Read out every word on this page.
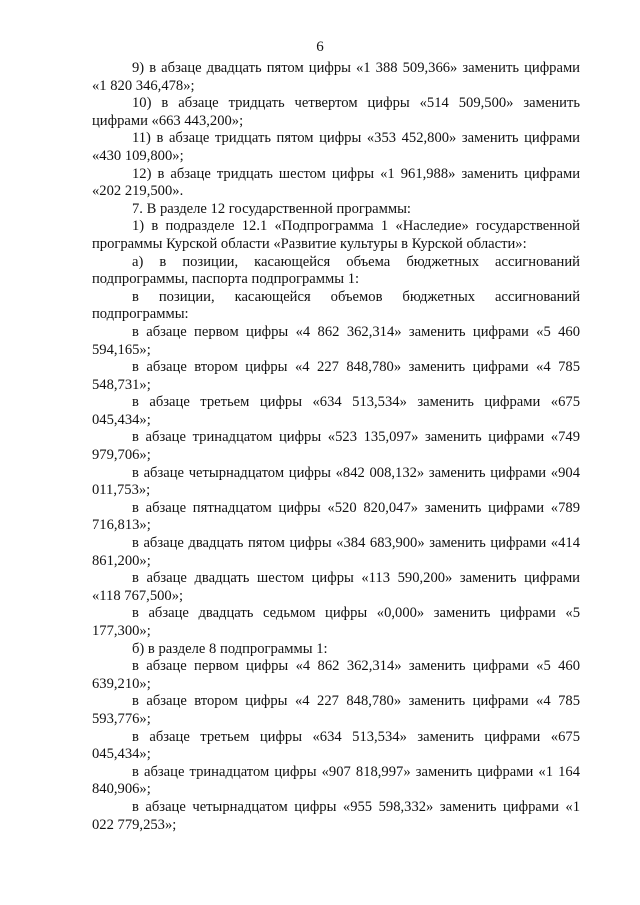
6

9) в абзаце двадцать пятом цифры «1 388 509,366» заменить цифрами «1 820 346,478»;

10) в абзаце тридцать четвертом цифры «514 509,500» заменить цифрами «663 443,200»;

11) в абзаце тридцать пятом цифры «353 452,800» заменить цифрами «430 109,800»;

12) в абзаце тридцать шестом цифры «1 961,988» заменить цифрами «202 219,500».

7. В разделе 12 государственной программы:

1) в подразделе 12.1 «Подпрограмма 1 «Наследие» государственной программы Курской области «Развитие культуры в Курской области»:

а) в позиции, касающейся объема бюджетных ассигнований подпрограммы, паспорта подпрограммы 1:

в позиции, касающейся объемов бюджетных ассигнований подпрограммы:

в абзаце первом цифры «4 862 362,314» заменить цифрами «5 460 594,165»;

в абзаце втором цифры «4 227 848,780» заменить цифрами «4 785 548,731»;

в абзаце третьем цифры «634 513,534» заменить цифрами «675 045,434»;

в абзаце тринадцатом цифры «523 135,097» заменить цифрами «749 979,706»;

в абзаце четырнадцатом цифры «842 008,132» заменить цифрами «904 011,753»;

в абзаце пятнадцатом цифры «520 820,047» заменить цифрами «789 716,813»;

в абзаце двадцать пятом цифры «384 683,900» заменить цифрами «414 861,200»;

в абзаце двадцать шестом цифры «113 590,200» заменить цифрами «118 767,500»;

в абзаце двадцать седьмом цифры «0,000» заменить цифрами «5 177,300»;

б) в разделе 8 подпрограммы 1:

в абзаце первом цифры «4 862 362,314» заменить цифрами «5 460 639,210»;

в абзаце втором цифры «4 227 848,780» заменить цифрами «4 785 593,776»;

в абзаце третьем цифры «634 513,534» заменить цифрами «675 045,434»;

в абзаце тринадцатом цифры «907 818,997» заменить цифрами «1 164 840,906»;

в абзаце четырнадцатом цифры «955 598,332» заменить цифрами «1 022 779,253»;
